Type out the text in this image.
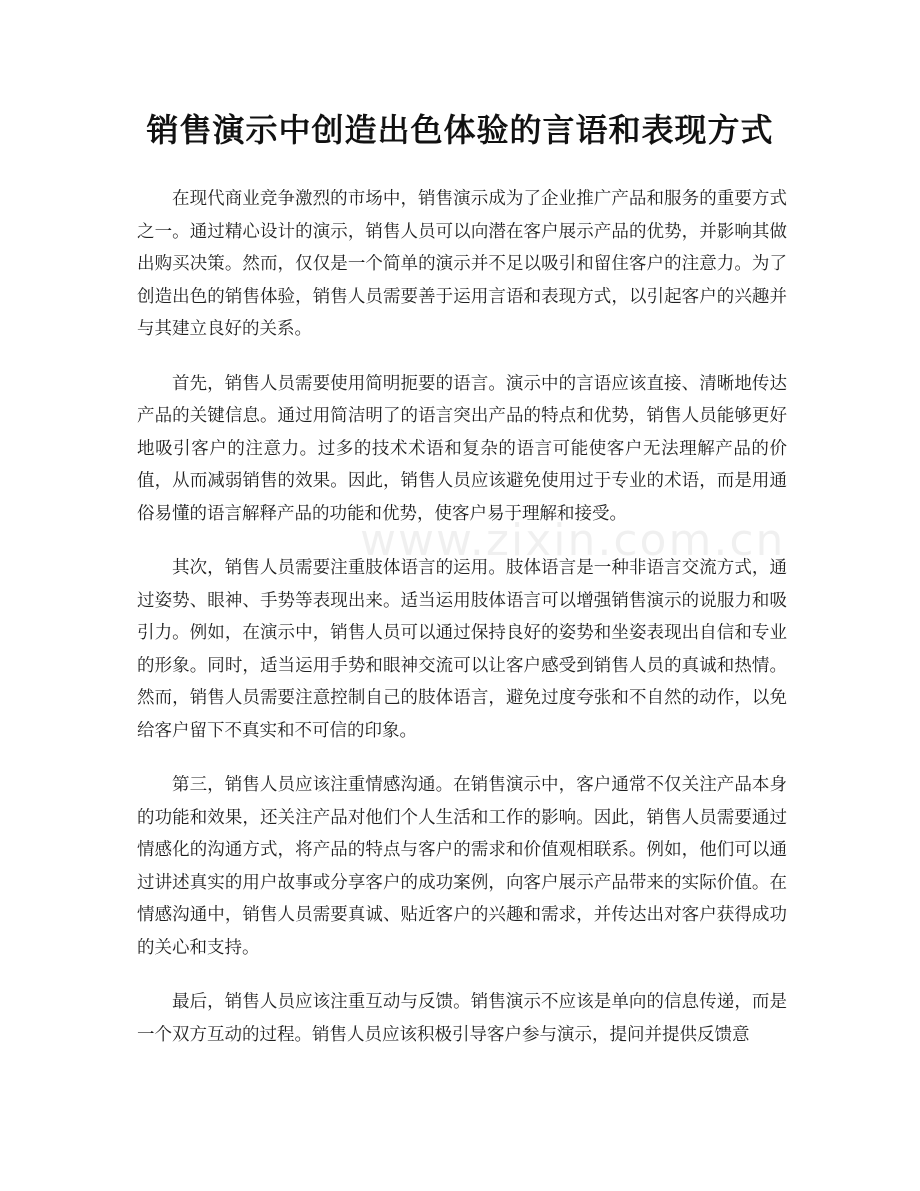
销售演示中创造出色体验的言语和表现方式
www.zixin.com.cn

在现代商业竞争激烈的市场中，销售演示成为了企业推广产品和服务的重要方式之一。通过精心设计的演示，销售人员可以向潜在客户展示产品的优势，并影响其做出购买决策。然而，仅仅是一个简单的演示并不足以吸引和留住客户的注意力。为了创造出色的销售体验，销售人员需要善于运用言语和表现方式，以引起客户的兴趣并与其建立良好的关系。

首先，销售人员需要使用简明扼要的语言。演示中的言语应该直接、清晰地传达产品的关键信息。通过用简洁明了的语言突出产品的特点和优势，销售人员能够更好地吸引客户的注意力。过多的技术术语和复杂的语言可能使客户无法理解产品的价值，从而减弱销售的效果。因此，销售人员应该避免使用过于专业的术语，而是用通俗易懂的语言解释产品的功能和优势，使客户易于理解和接受。

其次，销售人员需要注重肢体语言的运用。肢体语言是一种非语言交流方式，通过姿势、眼神、手势等表现出来。适当运用肢体语言可以增强销售演示的说服力和吸引力。例如，在演示中，销售人员可以通过保持良好的姿势和坐姿表现出自信和专业的形象。同时，适当运用手势和眼神交流可以让客户感受到销售人员的真诚和热情。然而，销售人员需要注意控制自己的肢体语言，避免过度夸张和不自然的动作，以免给客户留下不真实和不可信的印象。

第三，销售人员应该注重情感沟通。在销售演示中，客户通常不仅关注产品本身的功能和效果，还关注产品对他们个人生活和工作的影响。因此，销售人员需要通过情感化的沟通方式，将产品的特点与客户的需求和价值观相联系。例如，他们可以通过讲述真实的用户故事或分享客户的成功案例，向客户展示产品带来的实际价值。在情感沟通中，销售人员需要真诚、贴近客户的兴趣和需求，并传达出对客户获得成功的关心和支持。

最后，销售人员应该注重互动与反馈。销售演示不应该是单向的信息传递，而是一个双方互动的过程。销售人员应该积极引导客户参与演示，提问并提供反馈意
